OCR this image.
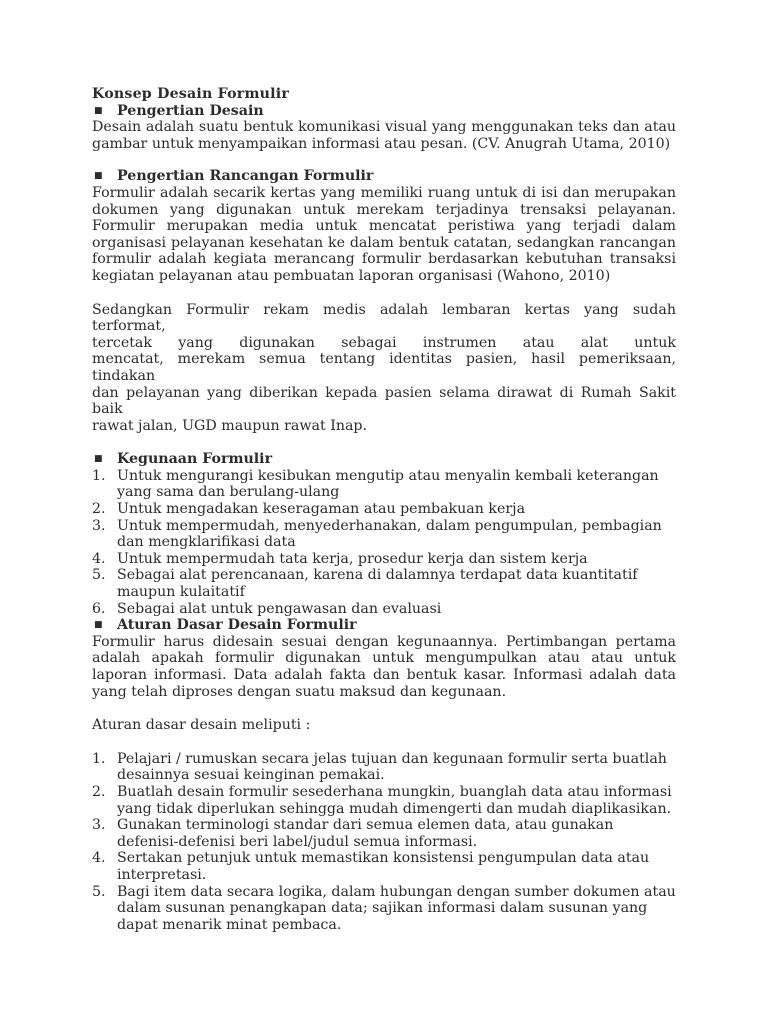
Konsep Desain Formulir

■ Pengertian Desain

Desain adalah suatu bentuk komunikasi visual yang menggunakan teks dan atau gambar untuk menyampaikan informasi atau pesan. (CV. Anugrah Utama, 2010)

■ Pengertian Rancangan Formulir

Formulir adalah secarik kertas yang memiliki ruang untuk di isi dan merupakan dokumen yang digunakan untuk merekam terjadinya trensaksi pelayanan. Formulir merupakan media untuk mencatat peristiwa yang terjadi dalam organisasi pelayanan kesehatan ke dalam bentuk catatan, sedangkan rancangan formulir adalah kegiata merancang formulir berdasarkan kebutuhan transaksi kegiatan pelayanan atau pembuatan laporan organisasi (Wahono, 2010)

Sedangkan Formulir rekam medis adalah lembaran kertas yang sudah terformat,

tercetak yang digunakan sebagai instrumen atau alat untuk

mencatat, merekam semua tentang identitas pasien, hasil pemeriksaan, tindakan

dan pelayanan yang diberikan kepada pasien selama dirawat di Rumah Sakit baik

rawat jalan, UGD maupun rawat Inap.

■ Kegunaan Formulir
1. Untuk mengurangi kesibukan mengutip atau menyalin kembali keterangan yang sama dan berulang-ulang
2. Untuk mengadakan keseragaman atau pembakuan kerja
3. Untuk mempermudah, menyederhanakan, dalam pengumpulan, pembagian dan mengklarifikasi data
4. Untuk mempermudah tata kerja, prosedur kerja dan sistem kerja
5. Sebagai alat perencanaan, karena di dalamnya terdapat data kuantitatif maupun kulaitatif
6. Sebagai alat untuk pengawasan dan evaluasi
■ Aturan Dasar Desain Formulir

Formulir harus didesain sesuai dengan kegunaannya. Pertimbangan pertama adalah apakah formulir digunakan untuk mengumpulkan atau atau untuk laporan informasi. Data adalah fakta dan bentuk kasar. Informasi adalah data yang telah diproses dengan suatu maksud dan kegunaan.

Aturan dasar desain meliputi :

1. Pelajari / rumuskan secara jelas tujuan dan kegunaan formulir serta buatlah desainnya sesuai keinginan pemakai.
2. Buatlah desain formulir sesederhana mungkin, buanglah data atau informasi yang tidak diperlukan sehingga mudah dimengerti dan mudah diaplikasikan.
3. Gunakan terminologi standar dari semua elemen data, atau gunakan defenisi-defenisi beri label/judul semua informasi.
4. Sertakan petunjuk untuk memastikan konsistensi pengumpulan data atau interpretasi.
5. Bagi item data secara logika, dalam hubungan dengan sumber dokumen atau dalam susunan penangkapan data; sajikan informasi dalam susunan yang dapat menarik minat pembaca.
